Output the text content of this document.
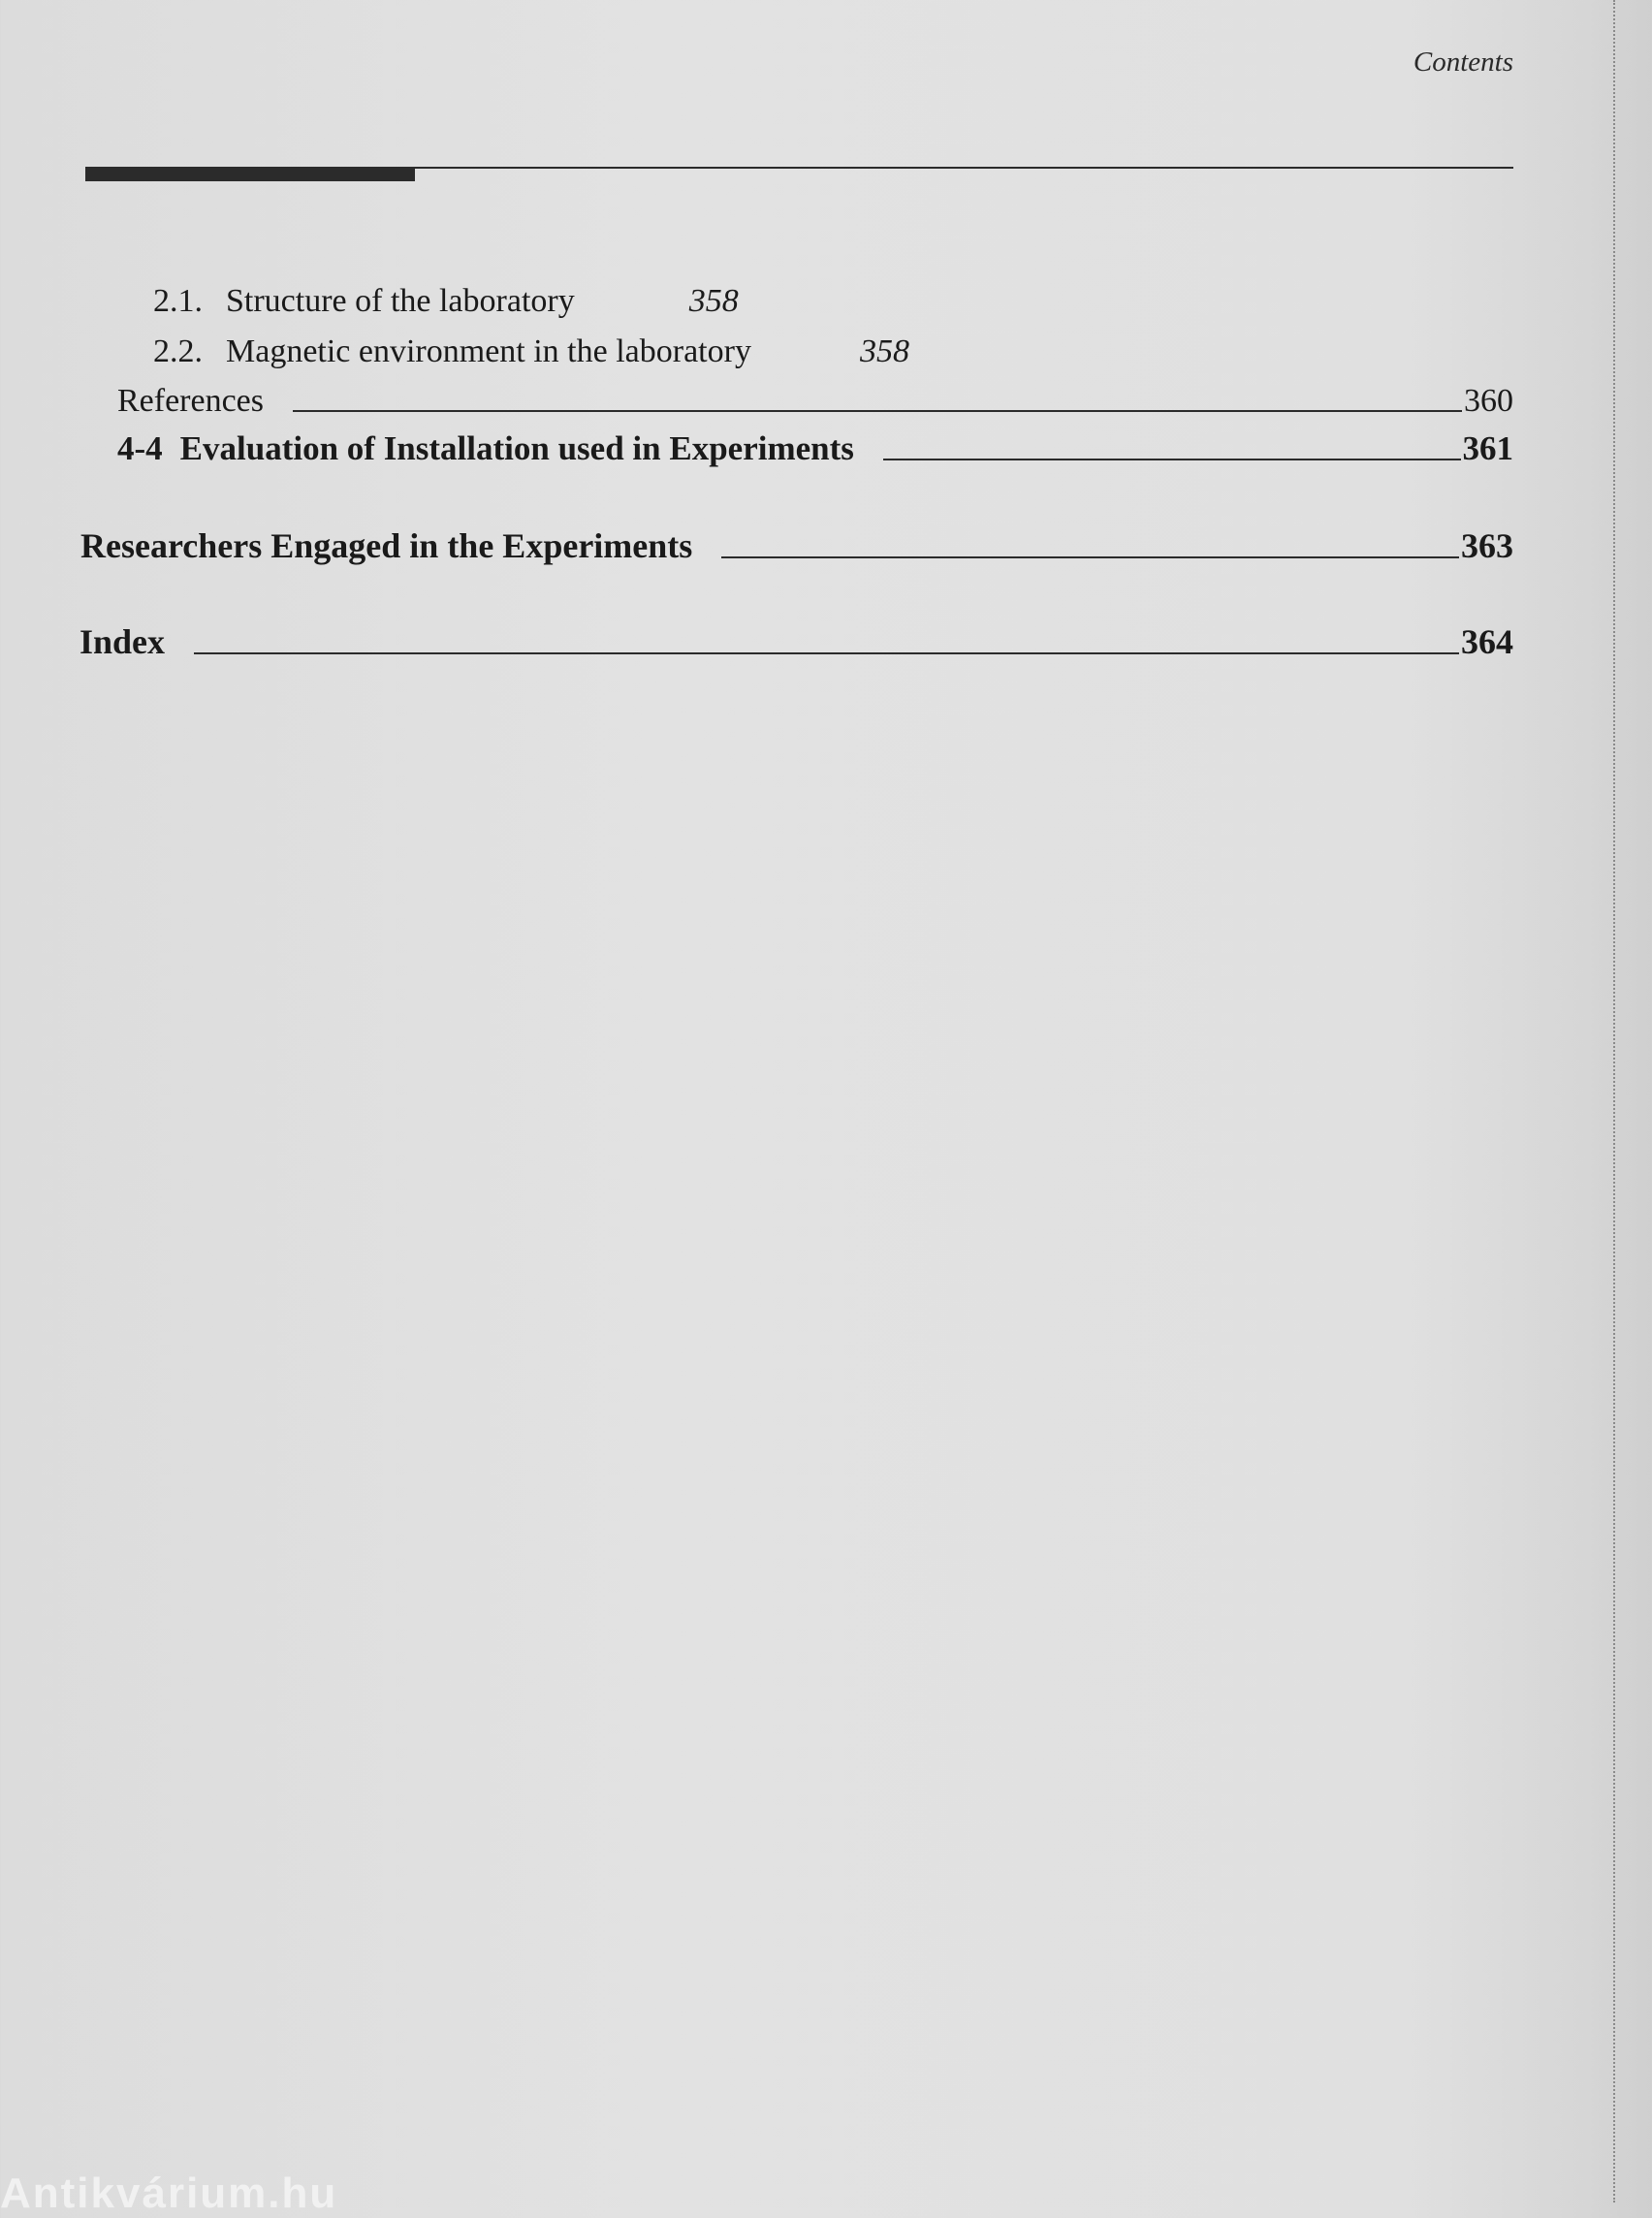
Contents
2.1. Structure of the laboratory	358
2.2. Magnetic environment in the laboratory	358
References	360
4-4 Evaluation of Installation used in Experiments	361
Researchers Engaged in the Experiments	363
Index	364
Antikvárium.hu
